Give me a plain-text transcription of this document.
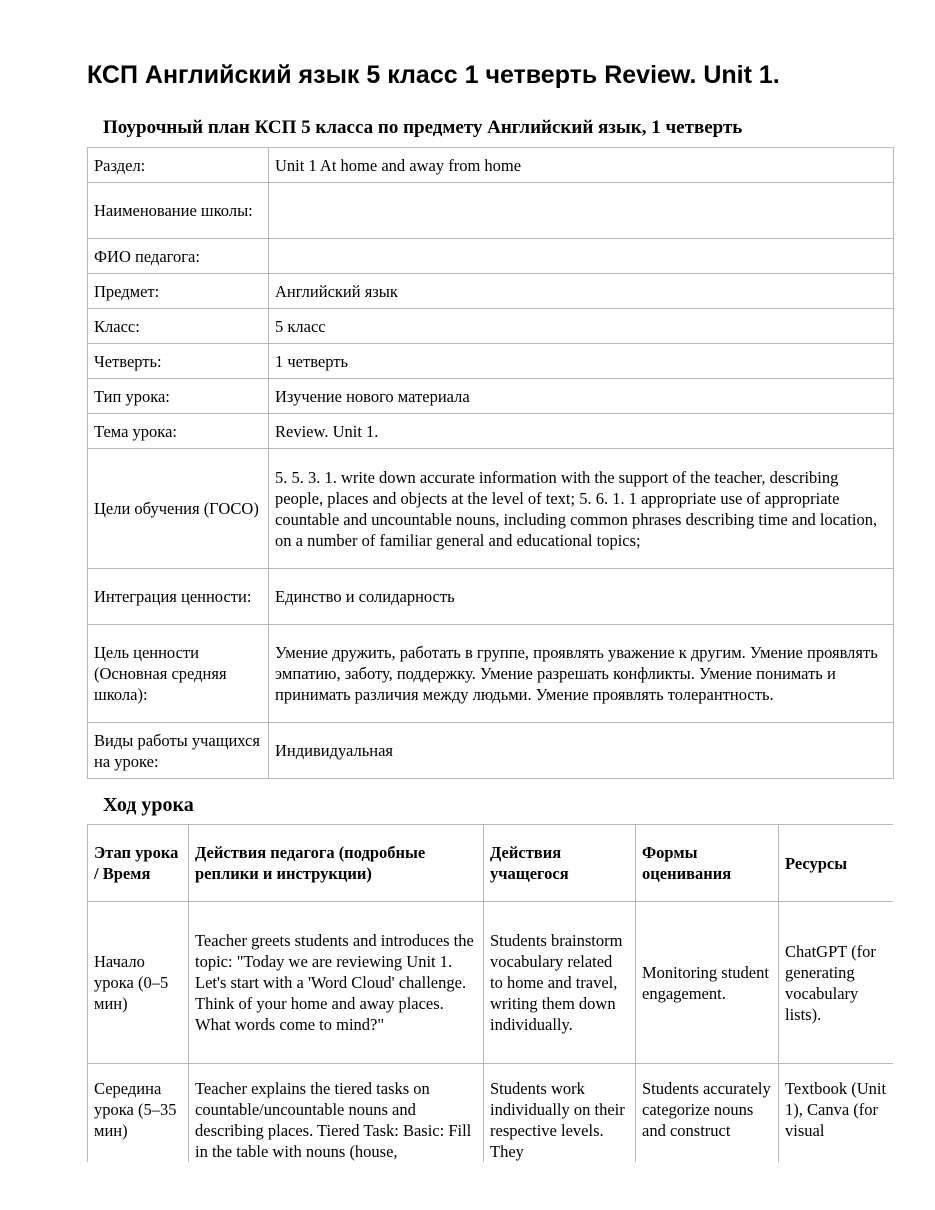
КСП Английский язык 5 класс 1 четверть Review. Unit 1.
Поурочный план КСП 5 класса по предмету Английский язык, 1 четверть
Раздел:	Unit 1 At home and away from home
Наименование школы:	
ФИО педагога:	
Предмет:	Английский язык
Класс:	5 класс
Четверть:	1 четверть
Тип урока:	Изучение нового материала
Тема урока:	Review. Unit 1.
Цели обучения (ГОСО)	5. 5. 3. 1. write down accurate information with the support of the teacher, describing people, places and objects at the level of text; 5. 6. 1. 1 appropriate use of appropriate countable and uncountable nouns, including common phrases describing time and location, on a number of familiar general and educational topics;
Интеграция ценности:	Единство и солидарность
Цель ценности (Основная средняя школа):	Умение дружить, работать в группе, проявлять уважение к другим. Умение проявлять эмпатию, заботу, поддержку. Умение разрешать конфликты. Умение понимать и принимать различия между людьми. Умение проявлять толерантность.
Виды работы учащихся на уроке:	Индивидуальная
Ход урока
Этап урока / Время	Действия педагога (подробные реплики и инструкции)	Действия учащегося	Формы оценивания	Ресурсы
Начало урока (0–5 мин)	Teacher greets students and introduces the topic: "Today we are reviewing Unit 1. Let's start with a 'Word Cloud' challenge. Think of your home and away places. What words come to mind?"	Students brainstorm vocabulary related to home and travel, writing them down individually.	Monitoring student engagement.	ChatGPT (for generating vocabulary lists).
Середина урока (5–35 мин)	Teacher explains the tiered tasks on countable/uncountable nouns and describing places. Tiered Task: Basic: Fill in the table with nouns (house,	Students work individually on their respective levels. They	Students accurately categorize nouns and construct	Textbook (Unit 1), Canva (for visual
